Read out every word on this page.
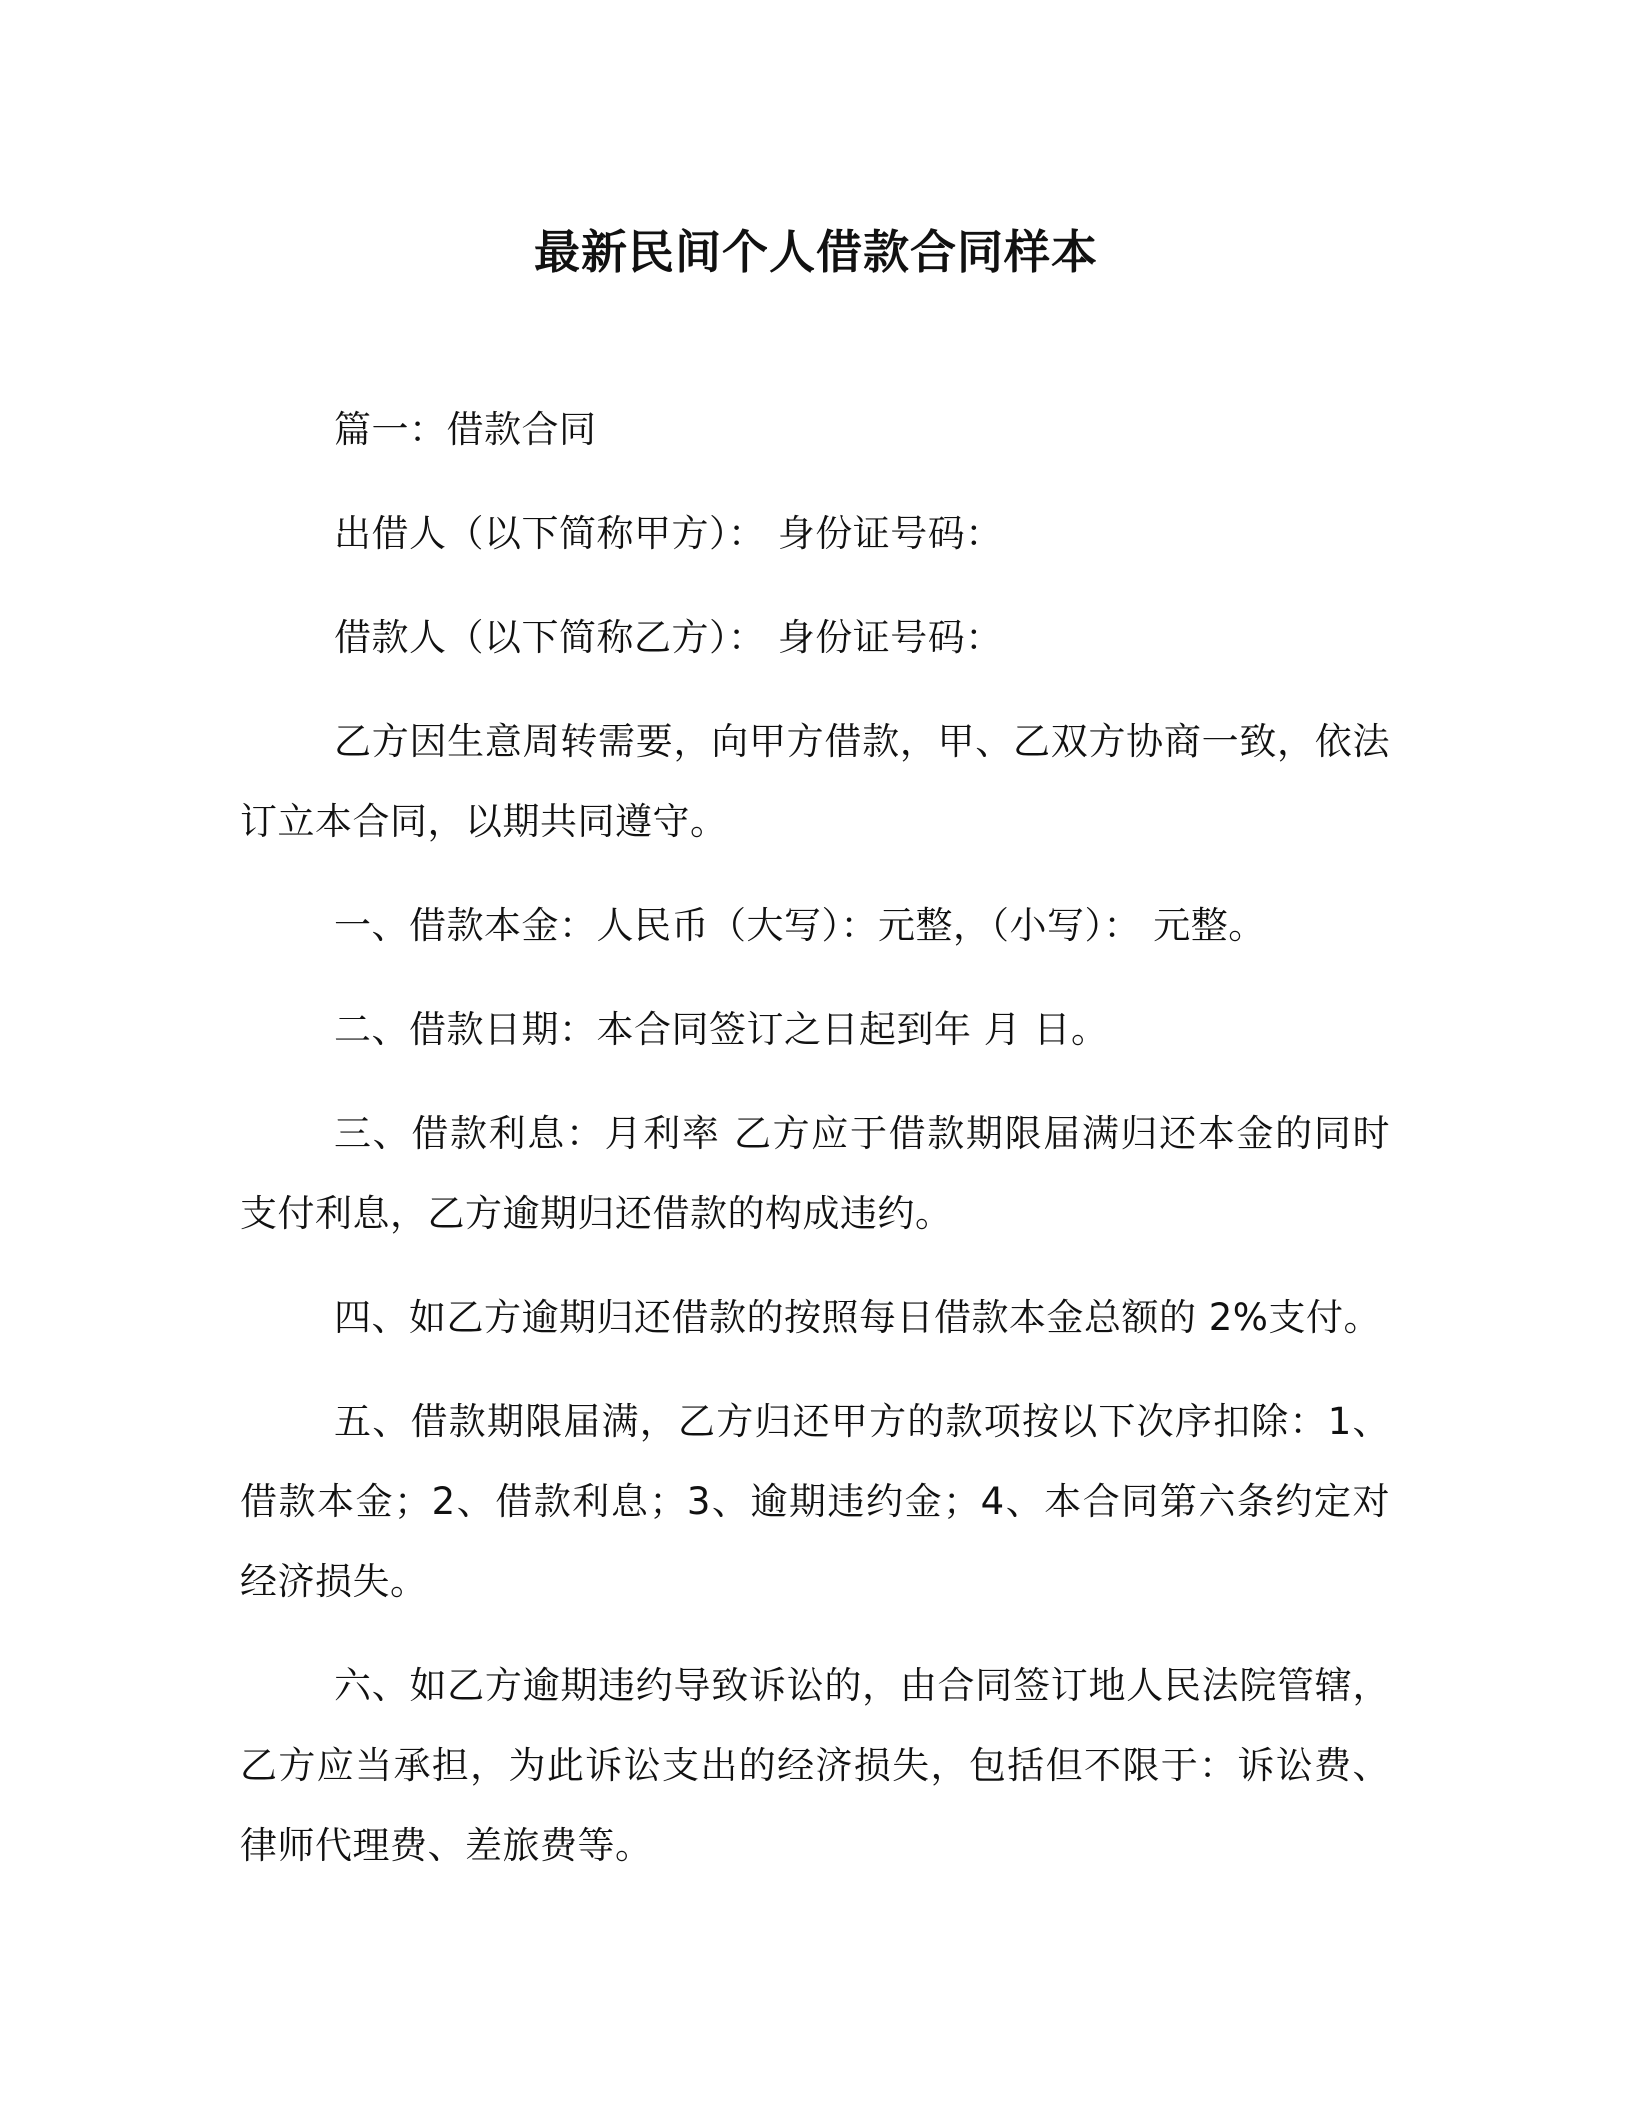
最新民间个人借款合同样本

篇一：借款合同

出借人（以下简称甲方）： 身份证号码：

借款人（以下简称乙方）： 身份证号码：

乙方因生意周转需要，向甲方借款，甲、乙双方协商一致，依法订立本合同，以期共同遵守。

一、借款本金：人民币（大写）：元整，（小写）： 元整。

二、借款日期：本合同签订之日起到年 月 日。

三、借款利息：月利率 乙方应于借款期限届满归还本金的同时支付利息，乙方逾期归还借款的构成违约。

四、如乙方逾期归还借款的按照每日借款本金总额的 2%支付。

五、借款期限届满，乙方归还甲方的款项按以下次序扣除：1、借款本金；2、借款利息；3、逾期违约金；4、本合同第六条约定对经济损失。

六、如乙方逾期违约导致诉讼的，由合同签订地人民法院管辖，乙方应当承担，为此诉讼支出的经济损失，包括但不限于：诉讼费、律师代理费、差旅费等。
